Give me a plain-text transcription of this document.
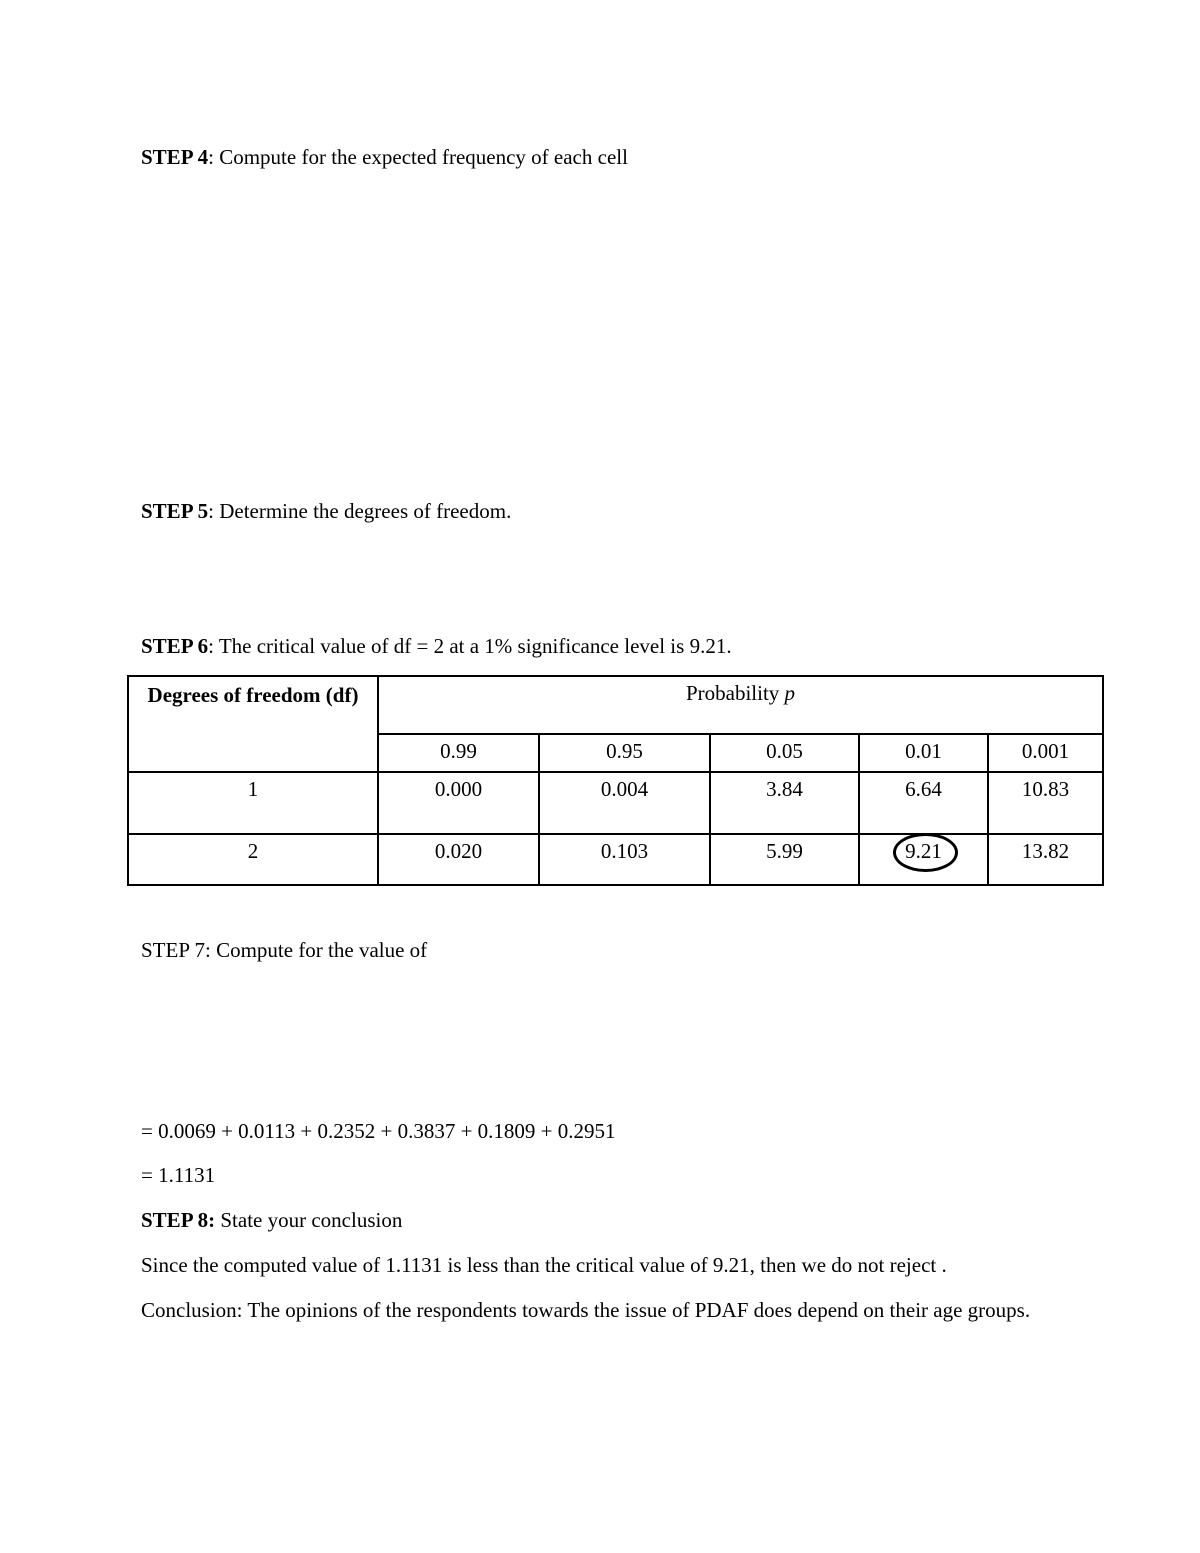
STEP 4: Compute for the expected frequency of each cell
STEP 5: Determine the degrees of freedom.
STEP 6: The critical value of df = 2 at a 1% significance level is 9.21.
Degrees of freedom (df)	Probability p				
	0.99	0.95	0.05	0.01	0.001
1	0.000	0.004	3.84	6.64	10.83
2	0.020	0.103	5.99	9.21	13.82
STEP 7: Compute for the value of
= 0.0069 + 0.0113 + 0.2352 + 0.3837 + 0.1809 + 0.2951
= 1.1131
STEP 8: State your conclusion
Since the computed value of 1.1131 is less than the critical value of 9.21, then we do not reject .
Conclusion: The opinions of the respondents towards the issue of PDAF does depend on their age groups.
